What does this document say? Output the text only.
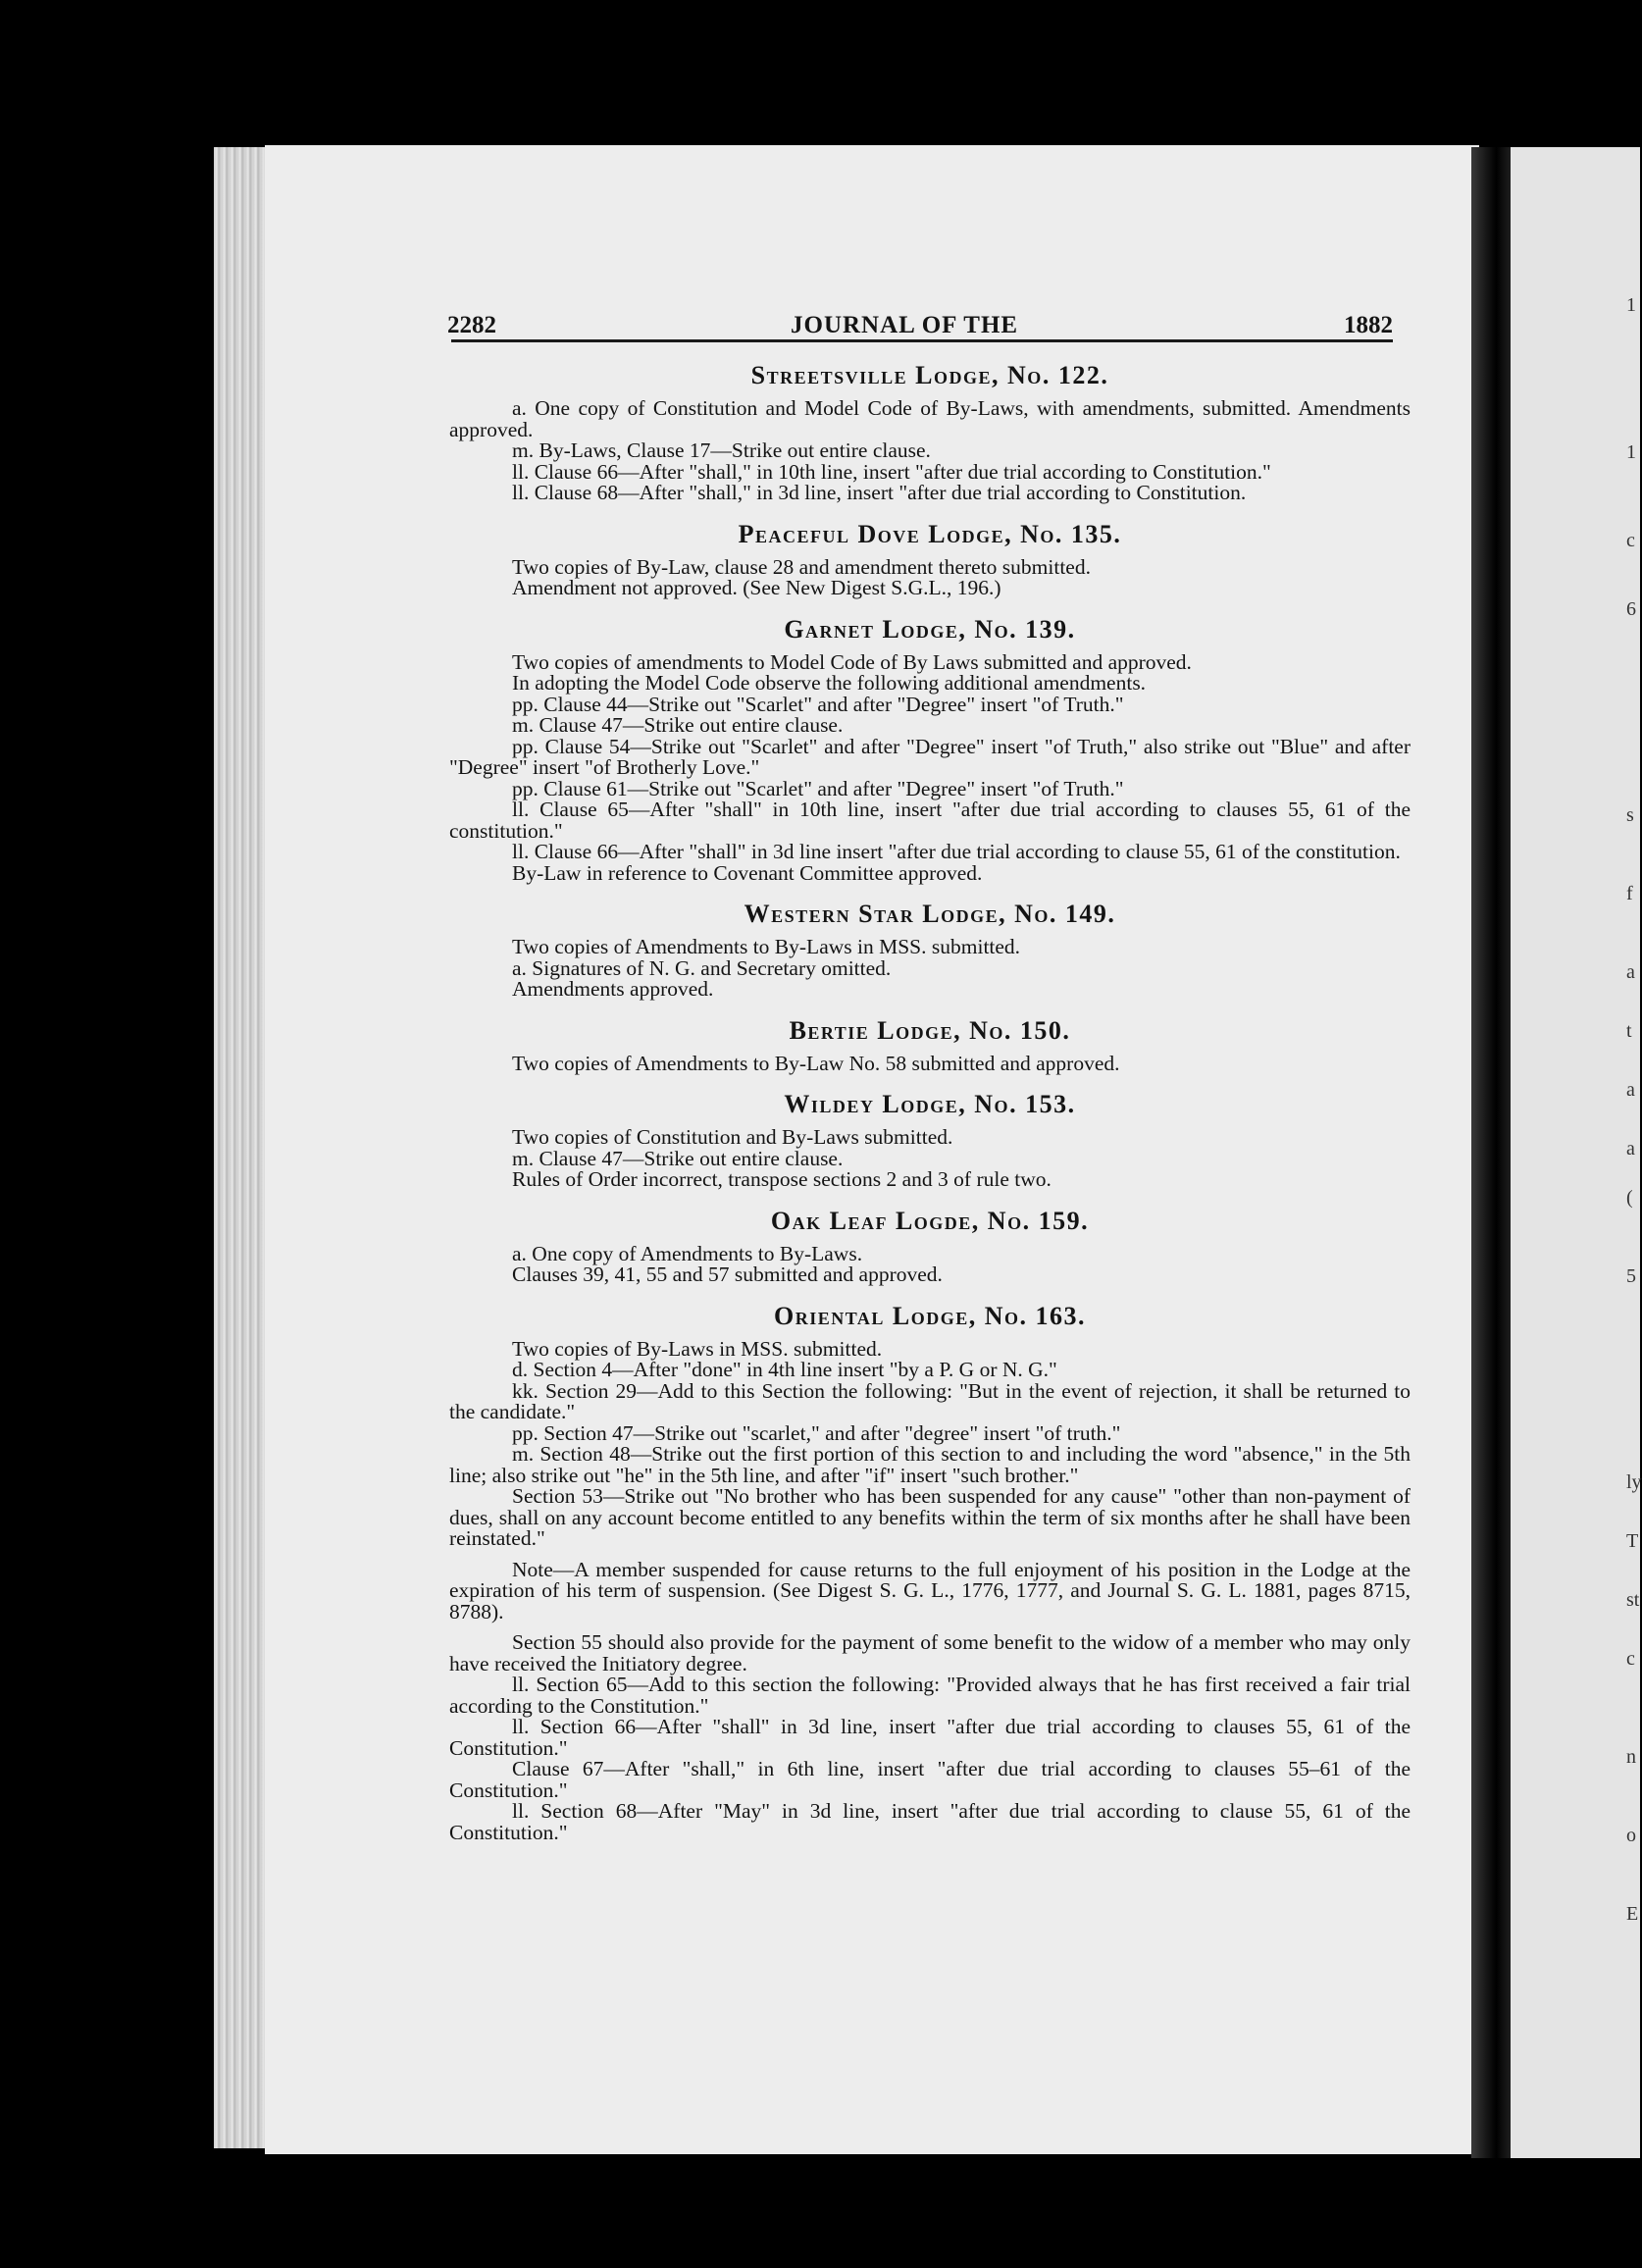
1
1
c
6
s
f
a
t
a
a
(
5
ly
T
st
c
n
o
E
2282	JOURNAL OF THE	1882
Streetsville Lodge, No. 122.

a. One copy of Constitution and Model Code of By-Laws, with amendments, submitted. Amendments approved.

m. By-Laws, Clause 17—Strike out entire clause.

ll. Clause 66—After "shall," in 10th line, insert "after due trial according to Constitution."

ll. Clause 68—After "shall," in 3d line, insert "after due trial according to Constitution.

Peaceful Dove Lodge, No. 135.

Two copies of By-Law, clause 28 and amendment thereto submitted.

Amendment not approved. (See New Digest S.G.L., 196.)

Garnet Lodge, No. 139.

Two copies of amendments to Model Code of By Laws submitted and approved.

In adopting the Model Code observe the following additional amendments.

pp. Clause 44—Strike out "Scarlet" and after "Degree" insert "of Truth."

m. Clause 47—Strike out entire clause.

pp. Clause 54—Strike out "Scarlet" and after "Degree" insert "of Truth," also strike out "Blue" and after "Degree" insert "of Brotherly Love."

pp. Clause 61—Strike out "Scarlet" and after "Degree" insert "of Truth."

ll. Clause 65—After "shall" in 10th line, insert "after due trial according to clauses 55, 61 of the constitution."

ll. Clause 66—After "shall" in 3d line insert "after due trial according to clause 55, 61 of the constitution.

By-Law in reference to Covenant Committee approved.

Western Star Lodge, No. 149.

Two copies of Amendments to By-Laws in MSS. submitted.

a. Signatures of N. G. and Secretary omitted.

Amendments approved.

Bertie Lodge, No. 150.

Two copies of Amendments to By-Law No. 58 submitted and approved.

Wildey Lodge, No. 153.

Two copies of Constitution and By-Laws submitted.

m. Clause 47—Strike out entire clause.

Rules of Order incorrect, transpose sections 2 and 3 of rule two.

Oak Leaf Logde, No. 159.

a. One copy of Amendments to By-Laws.

Clauses 39, 41, 55 and 57 submitted and approved.

Oriental Lodge, No. 163.

Two copies of By-Laws in MSS. submitted.

d. Section 4—After "done" in 4th line insert "by a P. G or N. G."

kk. Section 29—Add to this Section the following: "But in the event of rejection, it shall be returned to the candidate."

pp. Section 47—Strike out "scarlet," and after "degree" insert "of truth."

m. Section 48—Strike out the first portion of this section to and including the word "absence," in the 5th line; also strike out "he" in the 5th line, and after "if" insert "such brother."

Section 53—Strike out "No brother who has been suspended for any cause" "other than non-payment of dues, shall on any account become entitled to any benefits within the term of six months after he shall have been reinstated."

Note—A member suspended for cause returns to the full enjoyment of his position in the Lodge at the expiration of his term of suspension. (See Digest S. G. L., 1776, 1777, and Journal S. G. L. 1881, pages 8715, 8788).

Section 55 should also provide for the payment of some benefit to the widow of a member who may only have received the Initiatory degree.

ll. Section 65—Add to this section the following: "Provided always that he has first received a fair trial according to the Constitution."

ll. Section 66—After "shall" in 3d line, insert "after due trial according to clauses 55, 61 of the Constitution."

Clause 67—After "shall," in 6th line, insert "after due trial according to clauses 55–61 of the Constitution."

ll. Section 68—After "May" in 3d line, insert "after due trial according to clause 55, 61 of the Constitution."
